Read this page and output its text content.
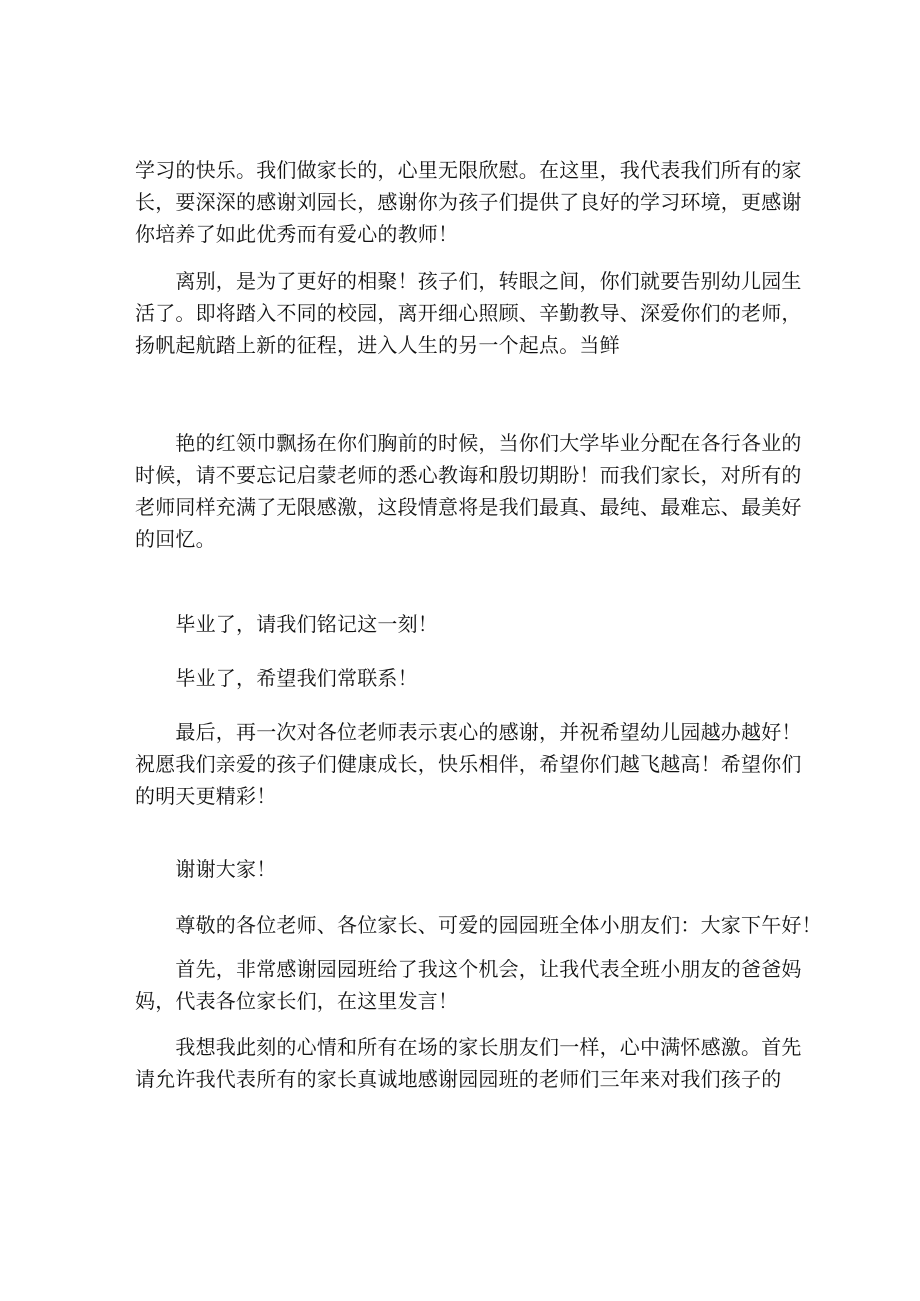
学习的快乐。我们做家长的，心里无限欣慰。在这里，我代表我们所有的家
长，要深深的感谢刘园长，感谢你为孩子们提供了良好的学习环境，更感谢
你培养了如此优秀而有爱心的教师！

　　离别，是为了更好的相聚！孩子们，转眼之间，你们就要告别幼儿园生
活了。即将踏入不同的校园，离开细心照顾、辛勤教导、深爱你们的老师，
扬帆起航踏上新的征程，进入人生的另一个起点。当鲜

　　艳的红领巾飘扬在你们胸前的时候，当你们大学毕业分配在各行各业的
时候，请不要忘记启蒙老师的悉心教诲和殷切期盼！而我们家长，对所有的
老师同样充满了无限感激，这段情意将是我们最真、最纯、最难忘、最美好
的回忆。

　　毕业了，请我们铭记这一刻！

　　毕业了，希望我们常联系！

　　最后，再一次对各位老师表示衷心的感谢，并祝希望幼儿园越办越好！
祝愿我们亲爱的孩子们健康成长，快乐相伴，希望你们越飞越高！希望你们
的明天更精彩！

　　谢谢大家！

　　尊敬的各位老师、各位家长、可爱的园园班全体小朋友们：大家下午好！

　　首先，非常感谢园园班给了我这个机会，让我代表全班小朋友的爸爸妈
妈，代表各位家长们，在这里发言！

　　我想我此刻的心情和所有在场的家长朋友们一样，心中满怀感激。首先
请允许我代表所有的家长真诚地感谢园园班的老师们三年来对我们孩子的
